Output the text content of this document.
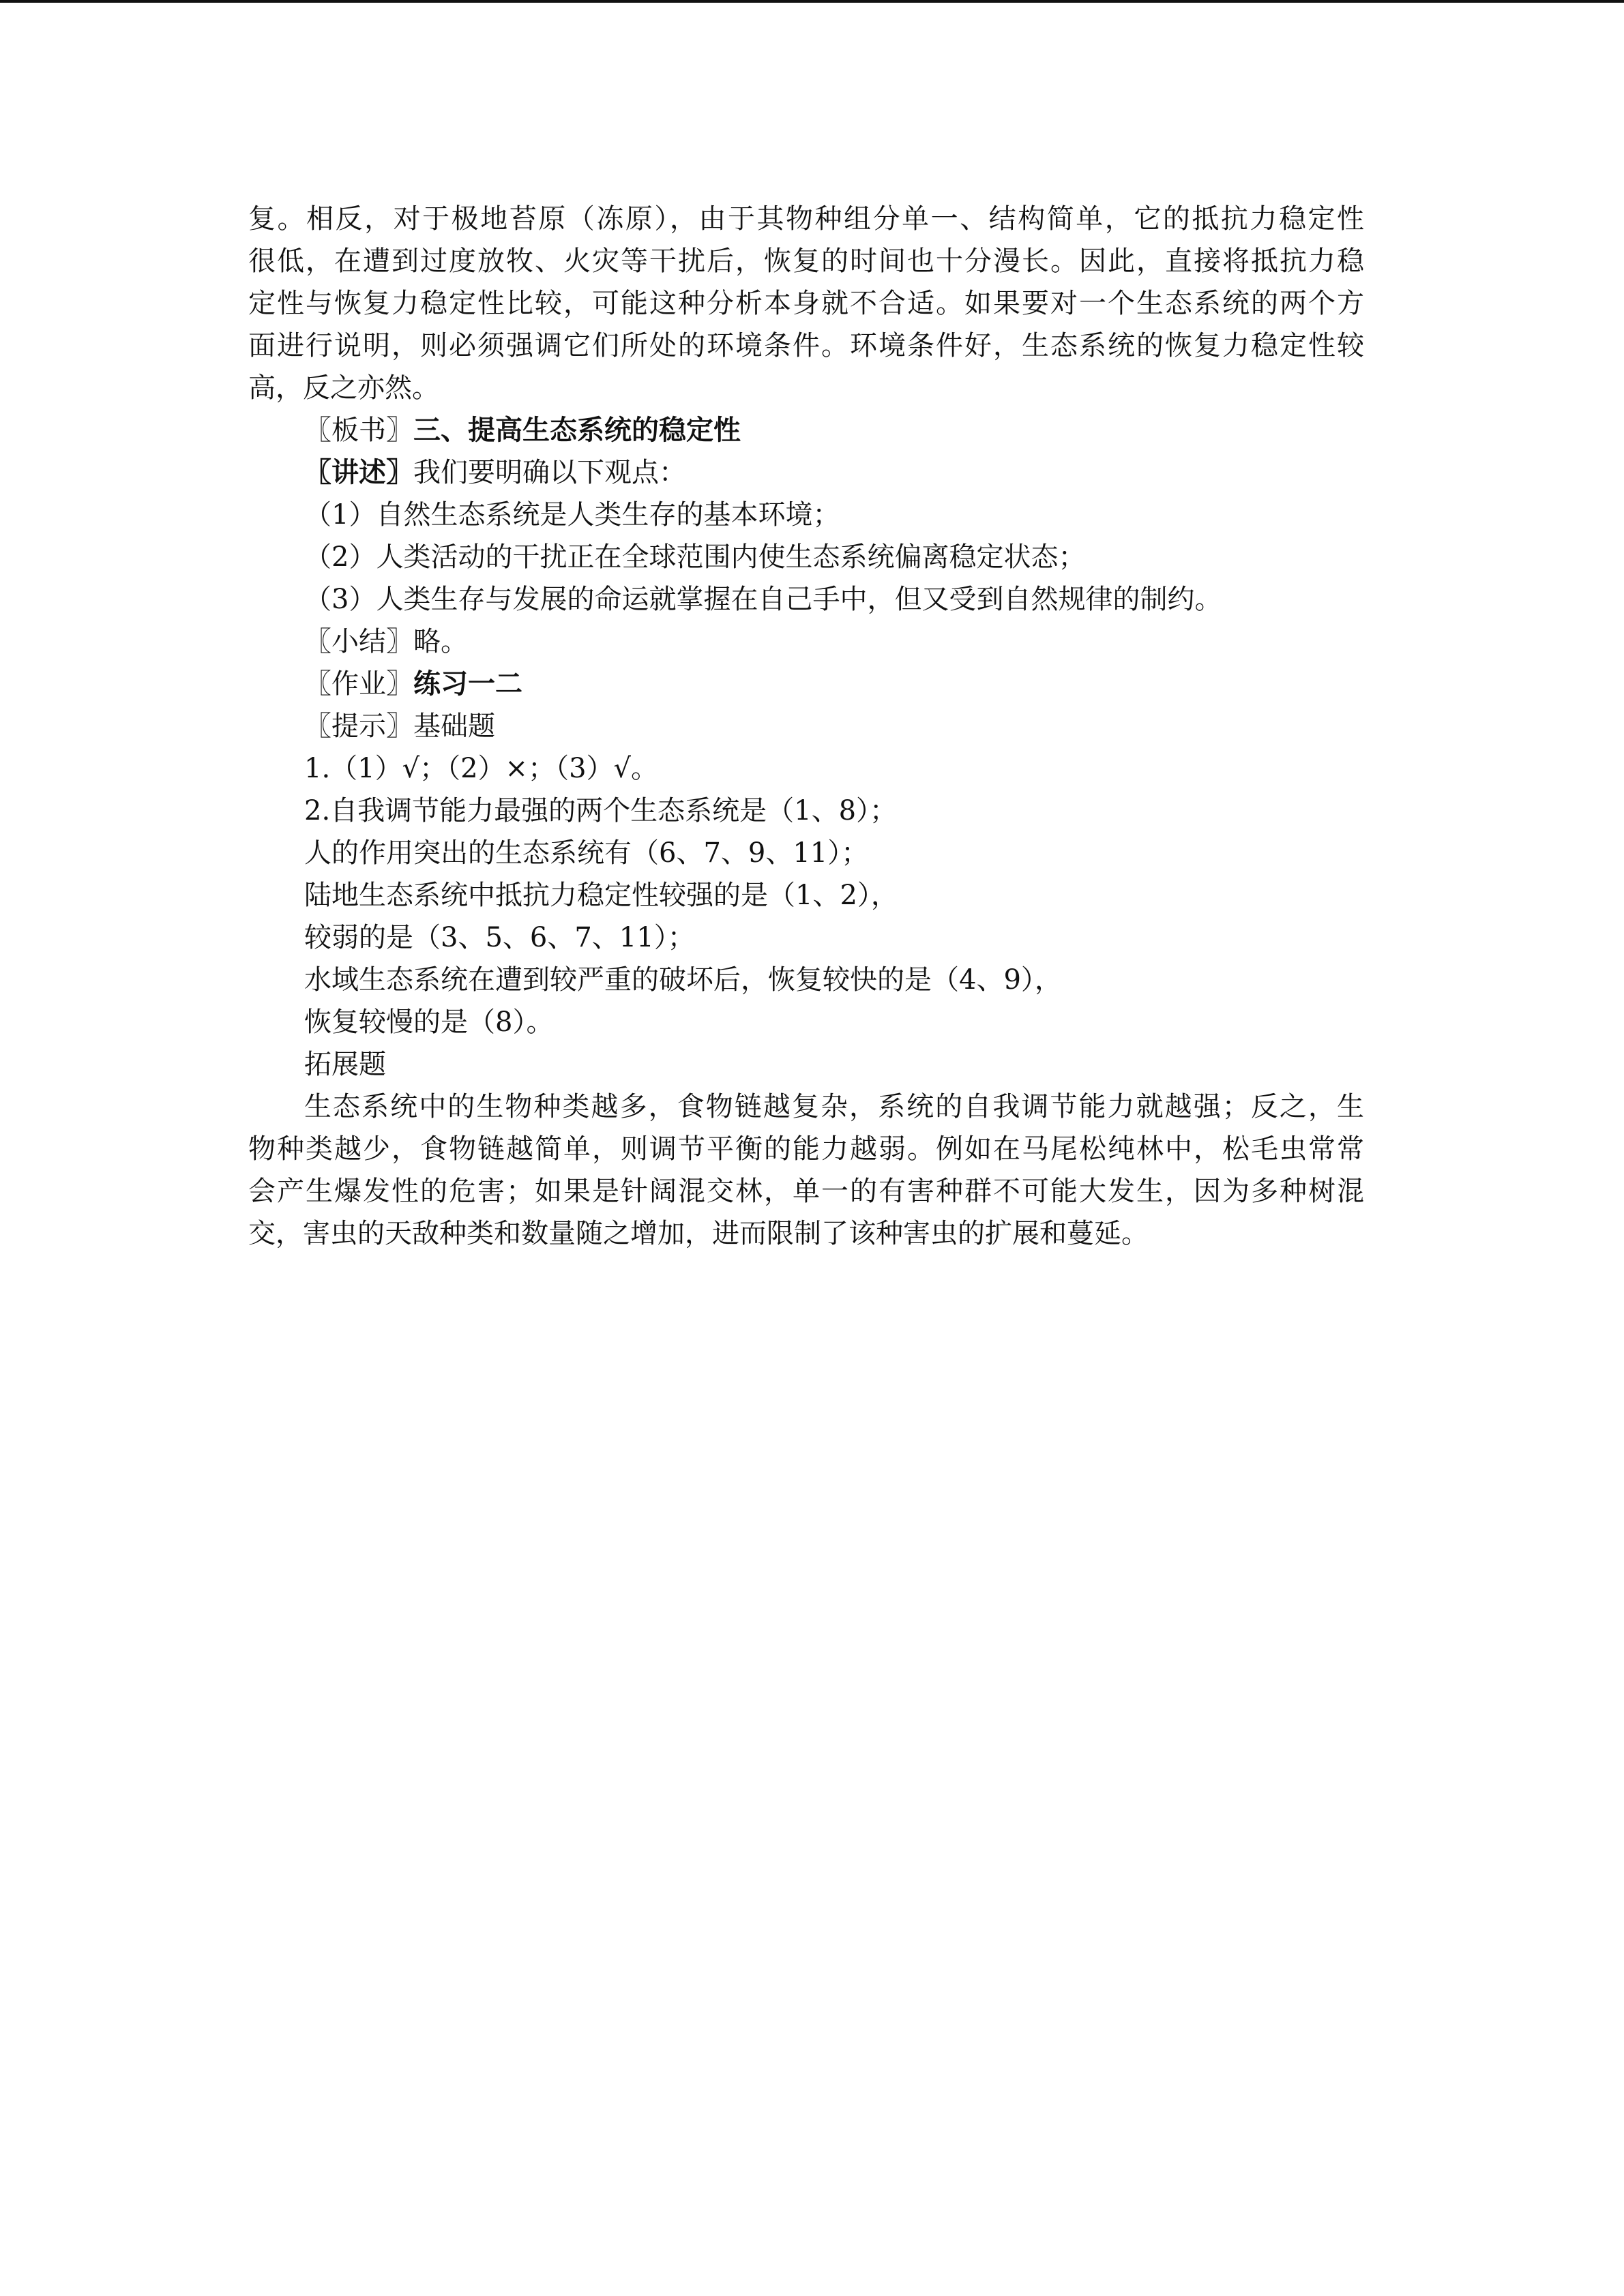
复。相反，对于极地苔原（冻原），由于其物种组分单一、结构简单，它的抵抗力稳定性
很低，在遭到过度放牧、火灾等干扰后，恢复的时间也十分漫长。因此，直接将抵抗力稳
定性与恢复力稳定性比较，可能这种分析本身就不合适。如果要对一个生态系统的两个方
面进行说明，则必须强调它们所处的环境条件。环境条件好，生态系统的恢复力稳定性较
高，反之亦然。
〖板书〗三、提高生态系统的稳定性
〖讲述〗我们要明确以下观点：
（1）自然生态系统是人类生存的基本环境；
（2）人类活动的干扰正在全球范围内使生态系统偏离稳定状态；
（3）人类生存与发展的命运就掌握在自己手中，但又受到自然规律的制约。
〖小结〗略。
〖作业〗练习一二
〖提示〗基础题
1.（1）√；（2）×；（3）√。
2.自我调节能力最强的两个生态系统是（1、8）；
人的作用突出的生态系统有（6、7、9、11）；
陆地生态系统中抵抗力稳定性较强的是（1、2），
较弱的是（3、5、6、7、11）；
水域生态系统在遭到较严重的破坏后，恢复较快的是（4、9），
恢复较慢的是（8）。
拓展题
生态系统中的生物种类越多，食物链越复杂，系统的自我调节能力就越强；反之，生
物种类越少，食物链越简单，则调节平衡的能力越弱。例如在马尾松纯林中，松毛虫常常
会产生爆发性的危害；如果是针阔混交林，单一的有害种群不可能大发生，因为多种树混
交，害虫的天敌种类和数量随之增加，进而限制了该种害虫的扩展和蔓延。
